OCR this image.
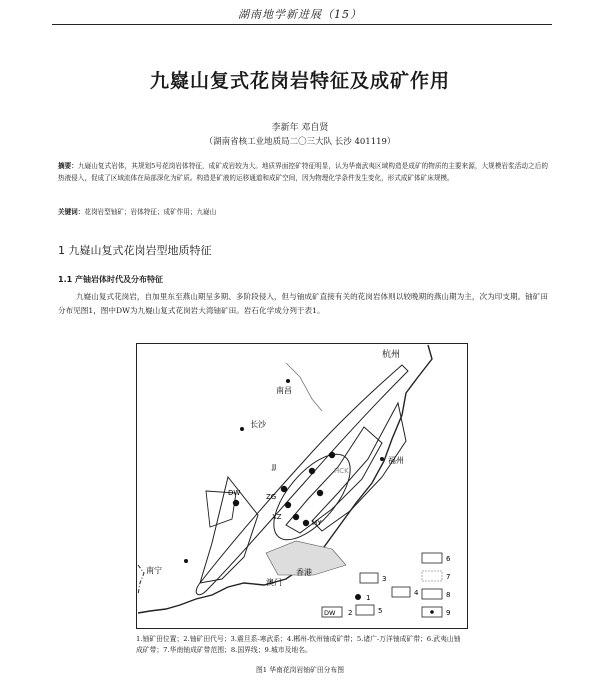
湖南地学新进展（15）
九嶷山复式花岗岩特征及成矿作用
李新年 邓自贤
（湖南省核工业地质局二〇三大队 长沙 401119）
摘要：九嶷山复式岩体，其规划5号花岗岩体特征，成矿成岩较为大。地质界面控矿特征明显，认为华南武夷区域构造是成矿的物质的主要来源，大规模岩浆活动之后的热液侵入，促成了区域流体在局部深化为矿质。构造是矿液的运移通道和成矿空间，因为物理化学条件发生变化，形式成矿体矿床规模。
关键词：花岗岩型铀矿；岩体特征；成矿作用；九嶷山
1 九嶷山复式花岗岩型地质特征
1.1 产铀岩体时代及分布特征
九嶷山复式花岗岩，自加里东至燕山期呈多期、多阶段侵入，但与铀成矿直接有关的花岗岩体则以较晚期的燕山期为主，次为印支期。铀矿田分布见图1，图中DW为九嶷山复式花岗岩大湾铀矿田。岩石化学成分列于表1。
杭州
南昌
长沙
福州
南宁
澳门
香港
JJ
ZG
XZ
HY
DW
HCK
1
DW 2
3
4
5
6
7
8
9
1.铀矿田位置；2.铀矿田代号；3.震旦系-寒武系；4.郴州-钦州铀成矿带；5.诸广-万洋铀成矿带；6.武夷山铀成矿带；7.华南铀成矿带范围；8.国界线；9.城市及地名。
图1 华南花岗岩铀矿田分布图
